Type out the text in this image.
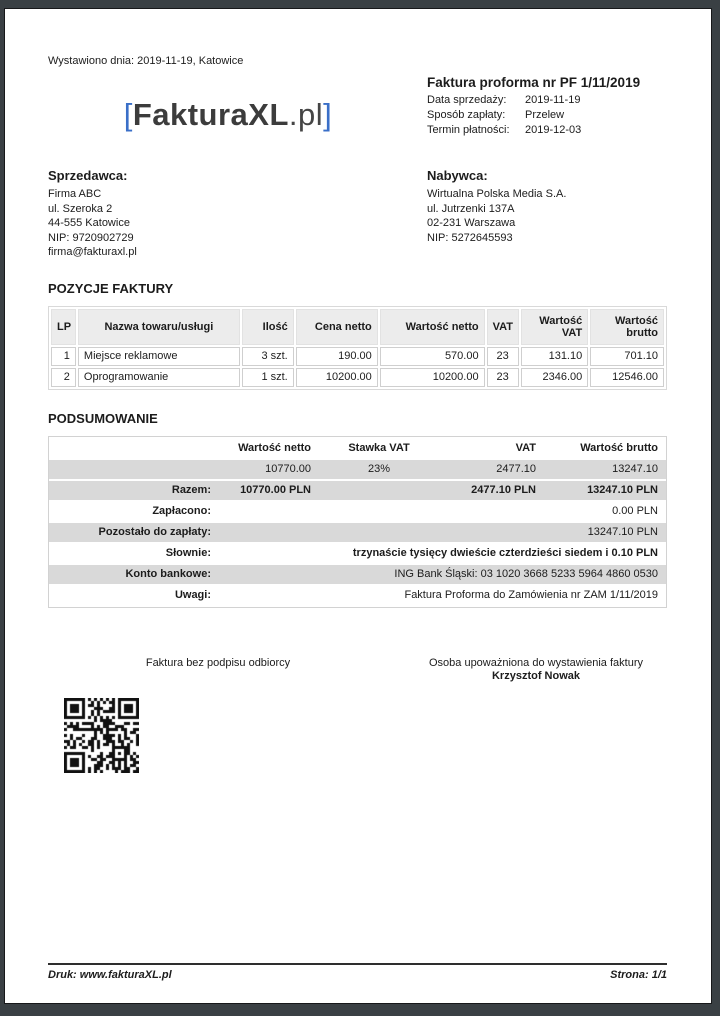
Wystawiono dnia: 2019-11-19, Katowice
[FakturaXL.pl]
Faktura proforma nr PF 1/11/2019
Data sprzedaży:	2019-11-19
Sposób zapłaty:	Przelew
Termin płatności:	2019-12-03
Sprzedawca:
Firma ABC
ul. Szeroka 2
44-555 Katowice
NIP: 9720902729
firma@fakturaxl.pl
Nabywca:
Wirtualna Polska Media S.A.
ul. Jutrzenki 137A
02-231 Warszawa
NIP: 5272645593
POZYCJE FAKTURY
LP	Nazwa towaru/usługi	Ilość	Cena netto	Wartość netto	VAT	Wartość VAT	Wartość brutto
1	Miejsce reklamowe	3 szt.	190.00	570.00	23	131.10	701.10
2	Oprogramowanie	1 szt.	10200.00	10200.00	23	2346.00	12546.00
PODSUMOWANIE
	Wartość netto	Stawka VAT	VAT	Wartość brutto
	10770.00	23%	2477.10	13247.10
Razem:	10770.00 PLN		2477.10 PLN	13247.10 PLN
Zapłacono:	0.00 PLN			
Pozostało do zapłaty:	13247.10 PLN			
Słownie:	trzynaście tysięcy dwieście czterdzieści siedem i 0.10 PLN			
Konto bankowe:	ING Bank Śląski: 03 1020 3668 5233 5964 4860 0530			
Uwagi:	Faktura Proforma do Zamówienia nr ZAM 1/11/2019			
Faktura bez podpisu odbiorcy	Osoba upoważniona do wystawienia faktury
Krzysztof Nowak
Druk: www.fakturaXL.pl	Strona: 1/1
